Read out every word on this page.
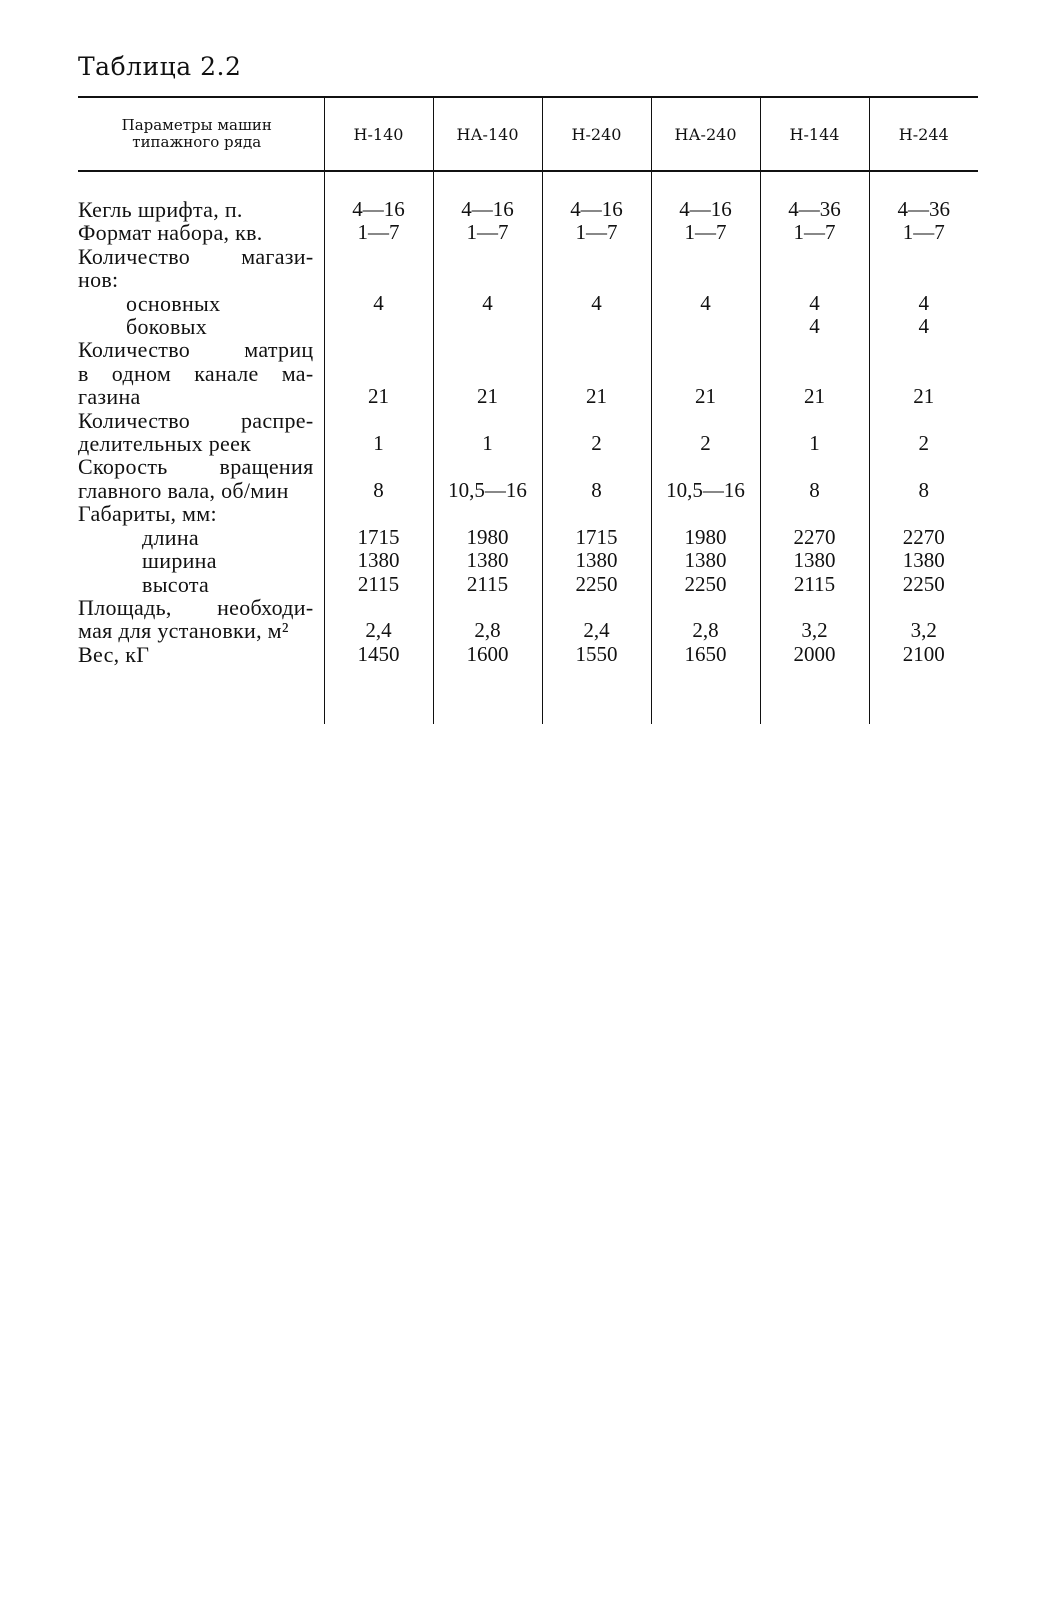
Таблица 2.2
Параметры машин типажного ряда	Н-140	НА-140	Н-240	НА-240	Н-144	Н-244

Кегль шрифта, п.	4—16	4—16	4—16	4—16	4—36	4—36

Формат набора, кв.	1—7	1—7	1—7	1—7	1—7	1—7

Количество магази-
нов:						

основных	4	4	4	4	4	4

боковых					4	4

Количество матриц
в одном канале ма-
газина	21	21	21	21	21	21

Количество распре-
делительных реек	1	1	2	2	1	2

Скорость вращения
главного вала, об/мин	8	10,5—16	8	10,5—16	8	8

Габариты, мм:						

длина	1715	1980	1715	1980	2270	2270

ширина	1380	1380	1380	1380	1380	1380

высота	2115	2115	2250	2250	2115	2250

Площадь, необходи-
мая для установки, м²	2,4	2,8	2,4	2,8	3,2	3,2

Вес, кГ	1450	1600	1550	1650	2000	2100
